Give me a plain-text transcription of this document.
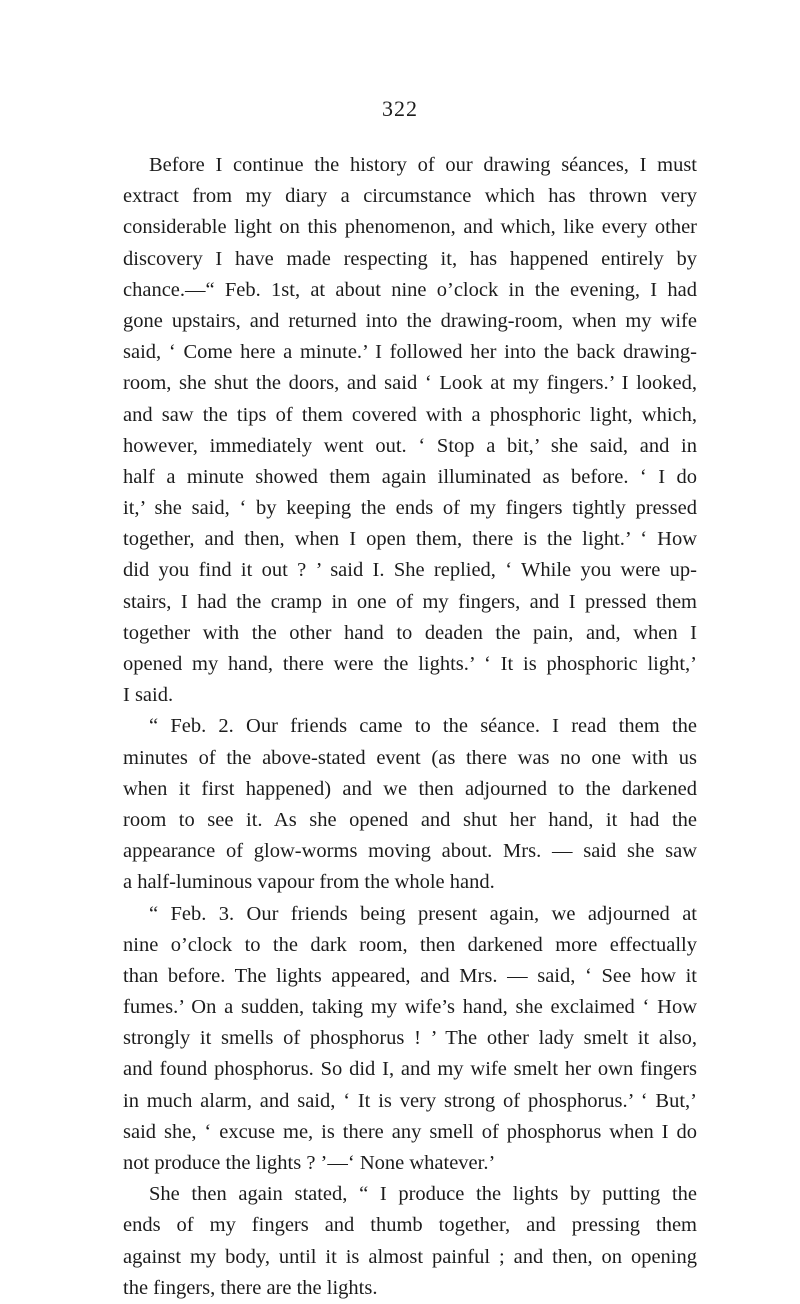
322
Before I continue the history of our drawing séances, I must
extract from my diary a circumstance which has thrown very
considerable light on this phenomenon, and which, like every other
discovery I have made respecting it, has happened entirely by
chance.—“ Feb. 1st, at about nine o’clock in the evening, I had
gone upstairs, and returned into the drawing-room, when my wife
said, ‘ Come here a minute.’ I followed her into the back drawing-
room, she shut the doors, and said ‘ Look at my fingers.’ I looked,
and saw the tips of them covered with a phosphoric light, which,
however, immediately went out. ‘ Stop a bit,’ she said, and in
half a minute showed them again illuminated as before. ‘ I do
it,’ she said, ‘ by keeping the ends of my fingers tightly pressed
together, and then, when I open them, there is the light.’ ‘ How
did you find it out ? ’ said I. She replied, ‘ While you were up-
stairs, I had the cramp in one of my fingers, and I pressed them
together with the other hand to deaden the pain, and, when I
opened my hand, there were the lights.’ ‘ It is phosphoric light,’
I said.
“ Feb. 2. Our friends came to the séance. I read them the
minutes of the above-stated event (as there was no one with us
when it first happened) and we then adjourned to the darkened
room to see it. As she opened and shut her hand, it had the
appearance of glow-worms moving about. Mrs. — said she saw
a half-luminous vapour from the whole hand.
“ Feb. 3. Our friends being present again, we adjourned at
nine o’clock to the dark room, then darkened more effectually
than before. The lights appeared, and Mrs. — said, ‘ See how it
fumes.’ On a sudden, taking my wife’s hand, she exclaimed ‘ How
strongly it smells of phosphorus ! ’ The other lady smelt it also,
and found phosphorus. So did I, and my wife smelt her own fingers
in much alarm, and said, ‘ It is very strong of phosphorus.’ ‘ But,’
said she, ‘ excuse me, is there any smell of phosphorus when I do
not produce the lights ? ’—‘ None whatever.’
She then again stated, “ I produce the lights by putting the
ends of my fingers and thumb together, and pressing them
against my body, until it is almost painful ; and then, on opening
the fingers, there are the lights.
